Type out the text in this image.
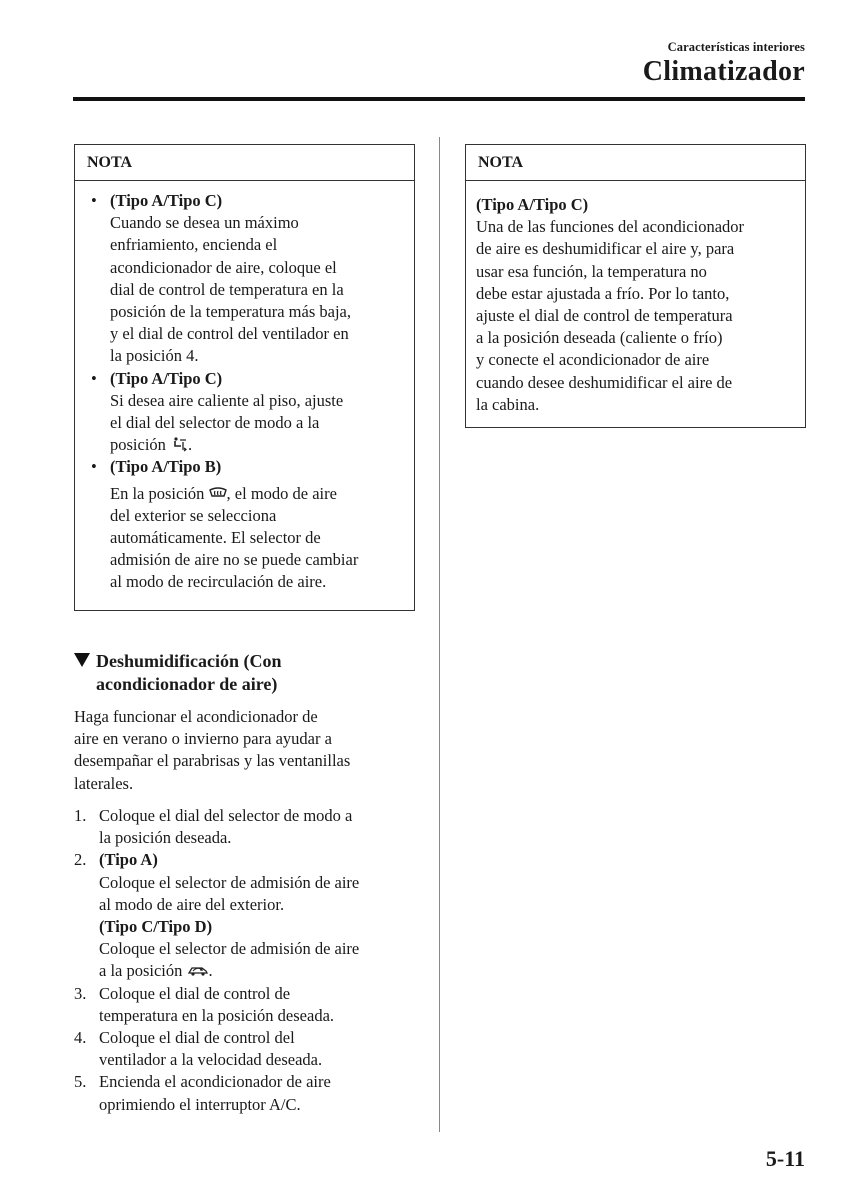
Características interiores
Climatizador
NOTA
• (Tipo A/Tipo C)
Cuando se desea un máximo
enfriamiento, encienda el
acondicionador de aire, coloque el
dial de control de temperatura en la
posición de la temperatura más baja,
y el dial de control del ventilador en
la posición 4.
• (Tipo A/Tipo C)
Si desea aire caliente al piso, ajuste
el dial del selector de modo a la
posición .
• (Tipo A/Tipo B)
En la posición , el modo de aire
del exterior se selecciona
automáticamente. El selector de
admisión de aire no se puede cambiar
al modo de recirculación de aire.
NOTA
(Tipo A/Tipo C)
Una de las funciones del acondicionador
de aire es deshumidificar el aire y, para
usar esa función, la temperatura no
debe estar ajustada a frío. Por lo tanto,
ajuste el dial de control de temperatura
a la posición deseada (caliente o frío)
y conecte el acondicionador de aire
cuando desee deshumidificar el aire de
la cabina.
Deshumidificación (Con
acondicionador de aire)
Haga funcionar el acondicionador de
aire en verano o invierno para ayudar a
desempañar el parabrisas y las ventanillas
laterales.
1. Coloque el dial del selector de modo a
la posición deseada.
2. (Tipo A)
Coloque el selector de admisión de aire
al modo de aire del exterior.
(Tipo C/Tipo D)
Coloque el selector de admisión de aire
a la posición .
3. Coloque el dial de control de
temperatura en la posición deseada.
4. Coloque el dial de control del
ventilador a la velocidad deseada.
5. Encienda el acondicionador de aire
oprimiendo el interruptor A/C.
5-11
